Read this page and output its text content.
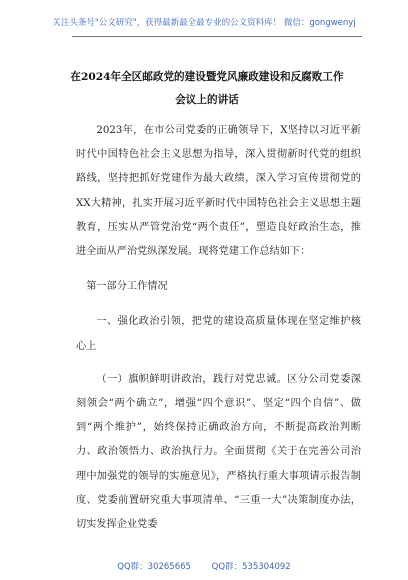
关注头条号"公文研究"，获得最新最全最专业的公文资料库！ 微信：gongwenyj
在2024年全区邮政党的建设暨党风廉政建设和反腐败工作
会议上的讲话

2023年，在市公司党委的正确领导下，X坚持以习近平新时代中国特色社会主义思想为指导，深入贯彻新时代党的组织路线，坚持把抓好党建作为最大政绩，深入学习宣传贯彻党的XX大精神，扎实开展习近平新时代中国特色社会主义思想主题教育，压实从严管党治党“两个责任”，塑造良好政治生态，推进全面从严治党纵深发展。现将党建工作总结如下：

第一部分工作情况

一、强化政治引领，把党的建设高质量体现在坚定维护核心上

（一）旗帜鲜明讲政治，践行对党忠诚。区分公司党委深刻领会“两个确立”，增强“四个意识”、坚定“四个自信”、做到“两个维护”，始终保持正确政治方向，不断提高政治判断力、政治领悟力、政治执行力。全面贯彻《关于在完善公司治理中加强党的领导的实施意见》，严格执行重大事项请示报告制度、党委前置研究重大事项清单、“三重一大”决策制度办法，切实发挥企业党委

QQ群：30265665 QQ群：535304092
